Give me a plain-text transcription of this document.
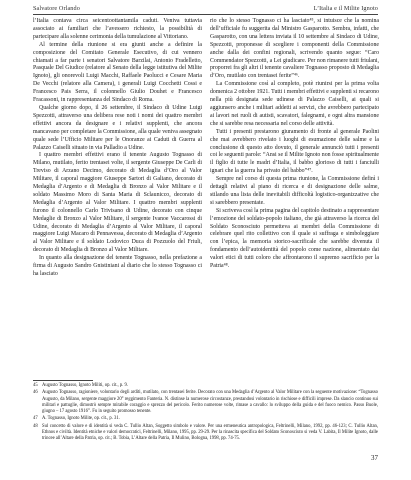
Salvatore Orlando	L’Italia e il Milite Ignoto

l’Italia contava circa seicentoottantamila caduti. Veniva tuttavia associato ai familiari che l’avessero richiesto, la possibilità di partecipare alla solenne cerimonia della tumulazione al Vittoriano.

Al termine della riunione si era giunti anche a definire la composizione del Comitato Generale Esecutivo, di cui vennero chiamati a far parte i senatori Salvatore Barzilai, Antonio Fradelletto, Pasquale Del Giudice (relatore al Senato della legge istitutiva del Milite Ignoto), gli onorevoli Luigi Macchi, Raffaele Paolucci e Cesare Maria De Vecchi (relatore alla Camera), i generali Luigi Cocchetti Cossi e Francesco Pais Serra, il colonnello Giulio Douhet e Francesco Fracassoni, in rappresentanza del Sindaco di Roma.

Qualche giorno dopo, il 26 settembre, il Sindaco di Udine Luigi Spezzotti, attraverso una delibera rese noti i nomi dei quattro membri effettivi ancora da designare e i relativi supplenti, che ancora mancavano per completare la Commissione, alla quale veniva assegnato quale sede l’Ufficio Militare per le Onoranze ai Caduti di Guerra al Palazzo Caiselli situato in via Palladio a Udine.

I quattro membri effettivi erano il tenente Augusto Tognasso di Milano, mutilato, ferito trentasei volte, il sergente Giuseppe De Carli di Treviso di Arzano Decimo, decorato di Medaglia d’Oro al Valor Militare, il caporal maggiore Giuseppe Sartori di Galiano, decorato di Medaglia d’Argento e di Medaglia di Bronzo al Valor Militare e il soldato Massimo Moro di Santa Maria di Sclaunicco, decorato di Medaglia d’Argento al Valor Militare. I quattro membri supplenti furono il colonnello Carlo Trivisano di Udine, decorato con cinque Medaglie di Bronzo al Valor Militare, il sergente Ivanoe Vaccarossi di Udine, decorato di Medaglia d’Argento al Valor Militare, il caporal maggiore Luigi Macaro di Pennavessa, decorato di Medaglia d’Argento al Valor Militare e il soldato Lodovico Duca di Pozzuolo del Friuli, decorato di Medaglia di Bronzo al Valor Militare.

In quanto alla designazione del tenente Tognasso, nella prefazione a firma di Augusto Sandro Gnistiniani al diario che lo stesso Tognasso ci ha lasciato

rio che lo stesso Tognasso ci ha lasciato⁴⁵, si intuisce che la nomina dell’ufficiale fu suggerita dal Ministro Gasparotto. Sembra, infatti, che Gasparotto, con una lettera inviata il 10 settembre al Sindaco di Udine, Spezzotti, proponesse di scegliere i componenti della Commissione anche dalla dei confini regionali, scrivendo quanto segue: “Caro Commendator Spezzotti, a Lei giudicare. Per non rimanere tutti friulani, proporrei fra gli altri il tenente cavaliere Tognasso proposto di Medaglia d’Oro, mutilato con trentasei ferite”⁴⁶.

La Commissione così al completo, potè riunirsi per la prima volta domenica 2 ottobre 1921. Tutti i membri effettivi e supplenti si recarono nella più designata sede udinese di Palazzo Caiselli, ai quali si aggiunsero anche i militari addetti ai servizi, che avrebbero partecipato ai lavori nei ruoli di autisti, scavatori, falegnami, e ogni altra mansione che si sarebbe resa necessaria nel corso delle attività.

Tutti i presenti prestarono giuramento di fronte al generale Paolini che mai avrebbero rivelato i luoghi di esumazione delle salme e la conclusione di questo atto dovuto, il generale annunciò tutti i presenti coi le seguenti parole: “Ansi se il Milite Ignoto non fosse spiritualmente il figlio di tutte le madri d’Italia, il babbo glorioso di tutti i fanciulli ignari che la guerra ha privato del babbo”⁴⁷.

Sempre nel corso di questa prima riunione, la Commissione definì i dettagli relativi al piano di ricerca e di designazione delle salme, stilando una lista delle inevitabili difficoltà logistico-organizzative che si sarebbero presentate.

Si scriveva così la prima pagina del capitolo destinato a rappresentare l’emozione del soldato-popolo italiano, che già attraverso la ricerca del Soldato Sconosciuto permetteva ai membri della Commissione di celebrare quel rito collettivo con il quale si suffraga e simboleggiare con l’epica, la memoria storico-sacrificale che sarebbe divenuta il fondamento dell’autoidentità del popolo come nazione, alimentato dai valori etici di tutti coloro che affrontarono il supremo sacrificio per la Patria⁴⁸.

45 Augusto Tognasso, Ignoto Militi, op. cit., p. 9.
46 Augusto Tognasso, ragioniere, volontario degli arditi, mutilato, con trentasei ferite. Decorato con una Medaglia d’Argento al Valor Militare con la seguente motivazione: “Tognasso Augusto, da Milano, sergente maggiore 20° reggimento Fanteria. N. distinse la numerose circostanze, prestandosi volontario in rischiose e difficili imprese. Da slancio continuo sui militari e pattuglie, dimostrò sempre mirabile coraggio e sprezzo del pericolo. Ferito numerose volte, rimase a cavallo: lo sviluppo della guida e del fuoco nemico. Passo Buole, giugno – 17 agosto 1916”. Fu in seguito promosso tenente.
47 A. Tognasso, Ignoto Milite, op. cit., p. 31.
48 Sul concetto di valore e di identità si veda C. Tullio Altan, Soggetto simbolo e valore. Per una ermeneutica antropologica, Feltrinelli, Milano, 1992, pp. 46-123; C. Tullio Altan, Ethnos e civiltà. Identità etniche e valori democratici, Feltrinelli, Milano, 1995, pp. 29-29. Per la rinascita specifica del Soldato Sconosciuto si veda V. Labita, Il Milite Ignoto, dalle trincee all’Altare della Patria, op. cit.; B. Tobia, L’Altare della Patria, Il Mulino, Bologna, 1998, pp. 74-75.
37
